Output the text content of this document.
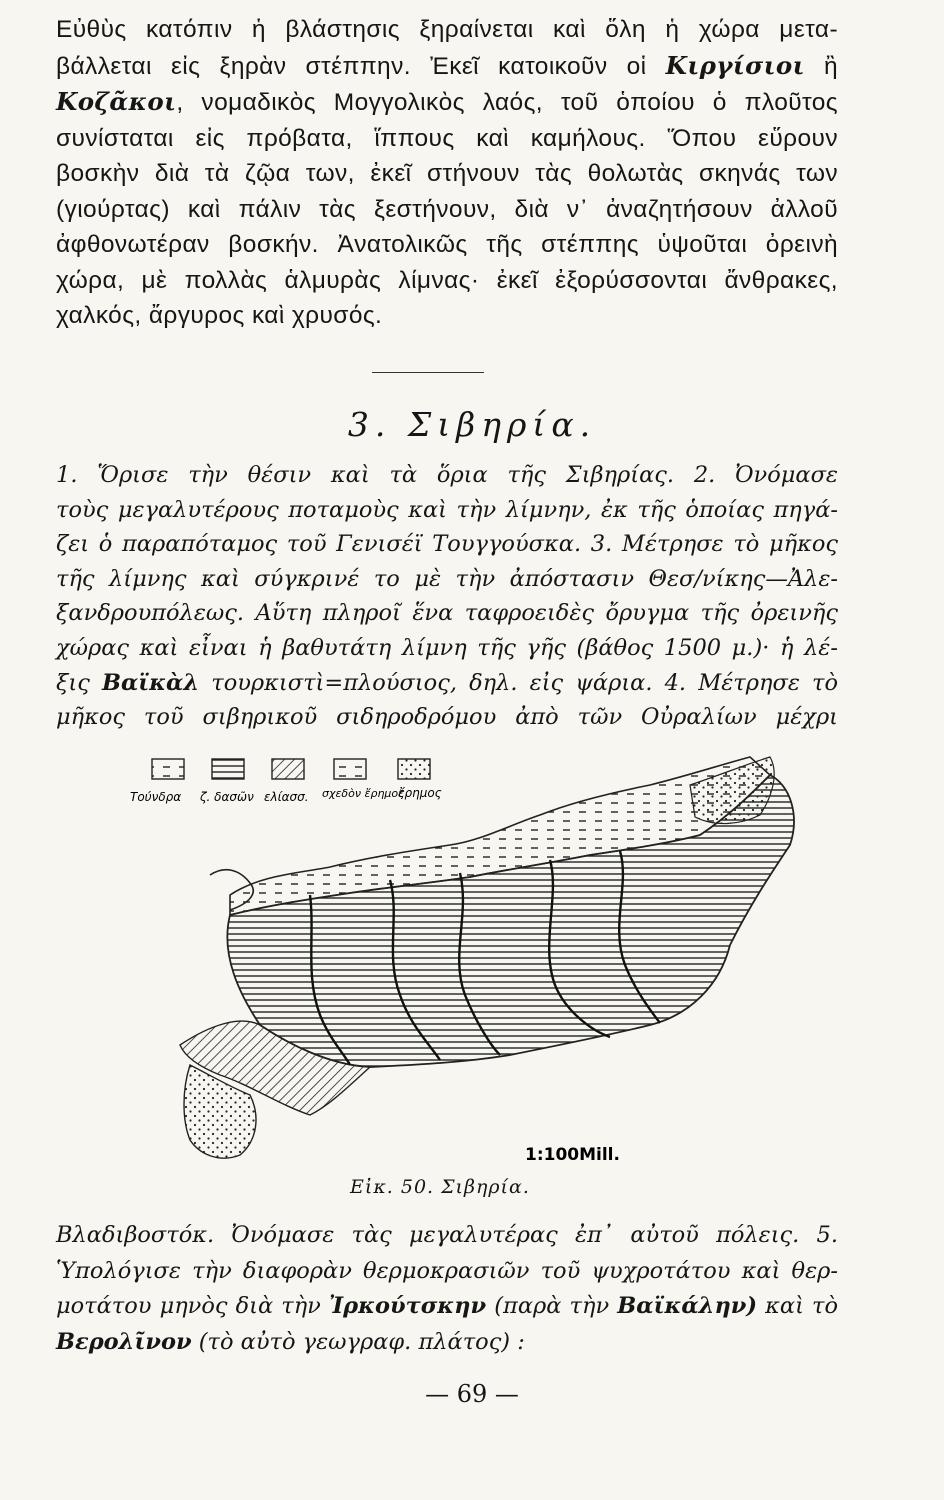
Εὐθὺς κατόπιν ἡ βλάστησις ξηραίνεται καὶ ὅλη ἡ χώρα μετα-
βάλλεται εἰς ξηρὰν στέππην. Ἐκεῖ κατοικοῦν οἱ Κιργίσιοι ἢ
Κοζᾶκοι, νομαδικὸς Μογγολικὸς λαός, τοῦ ὁποίου ὁ πλοῦτος
συνίσταται εἰς πρόβατα, ἵππους καὶ καμήλους. Ὅπου εὕρουν
βοσκὴν διὰ τὰ ζῷα των, ἐκεῖ στήνουν τὰς θολωτὰς σκηνάς των
(γιούρτας) καὶ πάλιν τὰς ξεστήνουν, διὰ ν᾽ ἀναζητήσουν ἀλλοῦ
ἀφθονωτέραν βοσκήν. Ἀνατολικῶς τῆς στέππης ὑψοῦται ὀρεινὴ
χώρα, μὲ πολλὰς ἁλμυρὰς λίμνας· ἐκεῖ ἐξορύσσονται ἄνθρακες,
χαλκός, ἄργυρος καὶ χρυσός.
3. Σιβηρία.
1. Ὅρισε τὴν θέσιν καὶ τὰ ὅρια τῆς Σιβηρίας. 2. Ὀνόμασε
τοὺς μεγαλυτέρους ποταμοὺς καὶ τὴν λίμνην, ἐκ τῆς ὁποίας πηγά-
ζει ὁ παραπόταμος τοῦ Γενισέϊ Τουγγούσκα. 3. Μέτρησε τὸ μῆκος
τῆς λίμνης καὶ σύγκρινέ το μὲ τὴν ἀπόστασιν Θεσ/νίκης—Ἀλε-
ξανδρουπόλεως. Αὕτη πληροῖ ἕνα ταφροειδὲς ὄρυγμα τῆς ὀρεινῆς
χώρας καὶ εἶναι ἡ βαθυτάτη λίμνη τῆς γῆς (βάθος 1500 μ.)· ἡ λέ-
ξις Βαϊκὰλ τουρκιστὶ=πλούσιος, δηλ. εἰς ψάρια. 4. Μέτρησε τὸ
μῆκος τοῦ σιβηρικοῦ σιδηροδρόμου ἀπὸ τῶν Οὐραλίων μέχρι
Τούνδρα ζ. δασῶν ελίασσ. σχεδὸν ἔρημος
ἔρημος
1:100Mill.
Εἰκ. 50. Σιβηρία.
Βλαδιβοστόκ. Ὀνόμασε τὰς μεγαλυτέρας ἐπ᾽ αὐτοῦ πόλεις. 5.
Ὑπολόγισε τὴν διαφορὰν θερμοκρασιῶν τοῦ ψυχροτάτου καὶ θερ-
μοτάτου μηνὸς διὰ τὴν Ἰρκούτσκην (παρὰ τὴν Βαϊκάλην) καὶ τὸ
Βερολῖνον (τὸ αὐτὸ γεωγραφ. πλάτος) :
— 69 —
